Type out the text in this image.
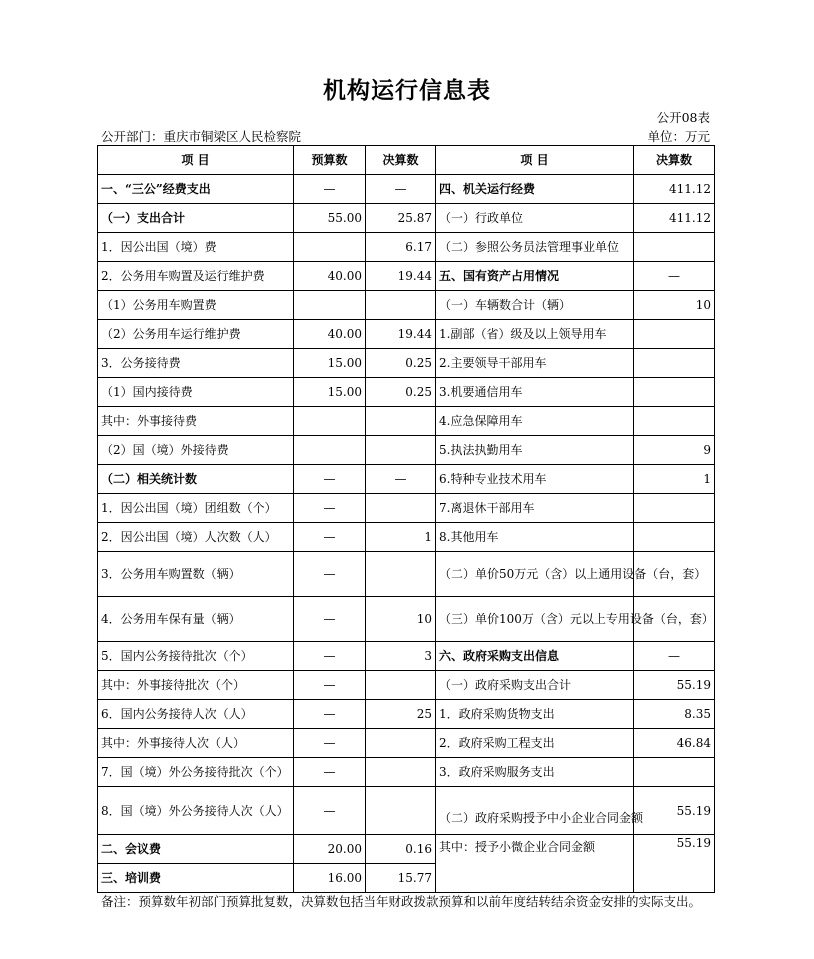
机构运行信息表
公开08表
公开部门：重庆市铜梁区人民检察院	单位：万元
项 目	预算数	决算数	项 目	决算数
一、“三公”经费支出	—	—	四、机关运行经费	411.12
（一）支出合计	55.00	25.87	（一）行政单位	411.12
1．因公出国（境）费		6.17	（二）参照公务员法管理事业单位	
2．公务用车购置及运行维护费	40.00	19.44	五、国有资产占用情况	—
（1）公务用车购置费			（一）车辆数合计（辆）	10
（2）公务用车运行维护费	40.00	19.44	1.副部（省）级及以上领导用车	
3．公务接待费	15.00	0.25	2.主要领导干部用车	
（1）国内接待费	15.00	0.25	3.机要通信用车	
其中：外事接待费			4.应急保障用车	
（2）国（境）外接待费			5.执法执勤用车	9
（二）相关统计数	—	—	6.特种专业技术用车	1
1．因公出国（境）团组数（个）	—		7.离退休干部用车	
2．因公出国（境）人次数（人）	—	1	8.其他用车	
3．公务用车购置数（辆）	—		（二）单价50万元（含）以上通用设备（台，套）	
4．公务用车保有量（辆）	—	10	（三）单价100万（含）元以上专用设备（台，套）	
5．国内公务接待批次（个）	—	3	六、政府采购支出信息	—
其中：外事接待批次（个）	—		（一）政府采购支出合计	55.19
6．国内公务接待人次（人）	—	25	1．政府采购货物支出	8.35
其中：外事接待人次（人）	—		2．政府采购工程支出	46.84
7．国（境）外公务接待批次（个）	—		3．政府采购服务支出	
8．国（境）外公务接待人次（人）	—		（二）政府采购授予中小企业合同金额	55.19
二、会议费	20.00	0.16	其中：授予小微企业合同金额	55.19
三、培训费	16.00	15.77		
备注：预算数年初部门预算批复数，决算数包括当年财政拨款预算和以前年度结转结余资金安排的实际支出。
